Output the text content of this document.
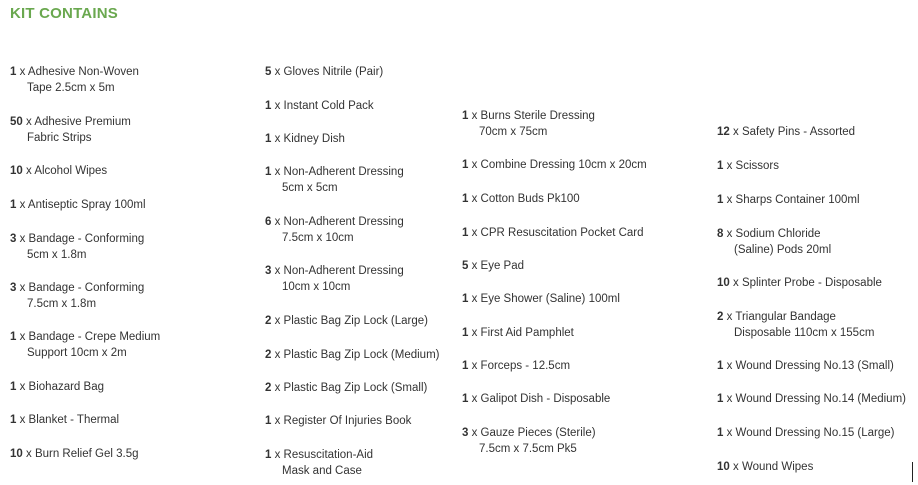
KIT CONTAINS
1 x Adhesive Non-Woven
Tape 2.5cm x 5m
50 x Adhesive Premium
Fabric Strips
10 x Alcohol Wipes
1 x Antiseptic Spray 100ml
3 x Bandage - Conforming
5cm x 1.8m
3 x Bandage - Conforming
7.5cm x 1.8m
1 x Bandage - Crepe Medium
Support 10cm x 2m
1 x Biohazard Bag
1 x Blanket - Thermal
10 x Burn Relief Gel 3.5g
5 x Gloves Nitrile (Pair)
1 x Instant Cold Pack
1 x Kidney Dish
1 x Non-Adherent Dressing
5cm x 5cm
6 x Non-Adherent Dressing
7.5cm x 10cm
3 x Non-Adherent Dressing
10cm x 10cm
2 x Plastic Bag Zip Lock (Large)
2 x Plastic Bag Zip Lock (Medium)
2 x Plastic Bag Zip Lock (Small)
1 x Register Of Injuries Book
1 x Resuscitation-Aid
Mask and Case
1 x Burns Sterile Dressing
70cm x 75cm
1 x Combine Dressing 10cm x 20cm
1 x Cotton Buds Pk100
1 x CPR Resuscitation Pocket Card
5 x Eye Pad
1 x Eye Shower (Saline) 100ml
1 x First Aid Pamphlet
1 x Forceps - 12.5cm
1 x Galipot Dish - Disposable
3 x Gauze Pieces (Sterile)
7.5cm x 7.5cm Pk5
12 x Safety Pins - Assorted
1 x Scissors
1 x Sharps Container 100ml
8 x Sodium Chloride
(Saline) Pods 20ml
10 x Splinter Probe - Disposable
2 x Triangular Bandage
Disposable 110cm x 155cm
1 x Wound Dressing No.13 (Small)
1 x Wound Dressing No.14 (Medium)
1 x Wound Dressing No.15 (Large)
10 x Wound Wipes
